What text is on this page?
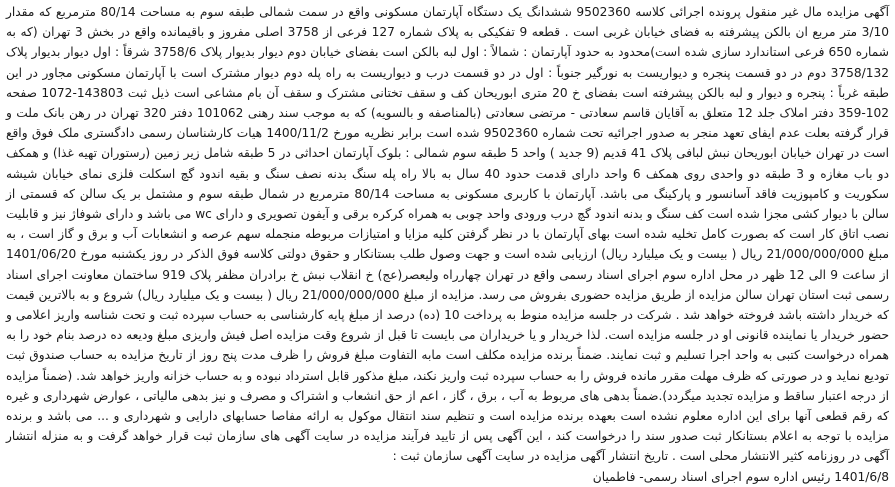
آگهی مزایده مال غیر منقول پرونده اجرائی کلاسه 9502360 ششدانگ یک دستگاه آپارتمان مسکونی واقع در سمت شمالی طبقه سوم به مساحت 80/14 مترمربع که مقدار 3/10 متر مربع ان بالکن پیشرفته به فضای خیابان غربی است . قطعه 9 تفکیکی به پلاک شماره 127 فرعی از 3758 اصلی مفروز و باقیمانده واقع در بخش 3 تهران (که به شماره 650 فرعی استاندارد سازی شده است)محدود به حدود آپارتمان : شمالاً : اول لبه بالکن است بفضای خیابان دوم دیوار بدیوار پلاک 3758/6 شرقاً : اول دیوار بدیوار پلاک 3758/132 دوم در دو قسمت پنجره و دیواریست به نورگیر جنوباً : اول در دو قسمت درب و دیواریست به راه پله دوم دیوار مشترک است با آپارتمان مسکونی مجاور در این طبقه غرباً : پنجره و دیوار و لبه بالکن پیشرفته است بفضای خ 20 متری ابوریحان کف و سقف تختانی مشترک و سقف آن بام مشاعی است ذیل ثبت 143803-1072 صفحه 102-359 دفتر املاک جلد 12 متعلق به آقایان قاسم سعادتی - مرتضی سعادتی (بالمناصفه و بالسویه) که به موجب سند رهنی 101062 دفتر 320 تهران در رهن بانک ملت و قرار گرفته بعلت عدم ایفای تعهد منجر به صدور اجرائیه تحت شماره 9502360 شده است برابر نظریه مورخ 1400/11/2 هیات کارشناسان رسمی دادگستری ملک فوق واقع است در تهران خیابان ابوریحان نبش لبافی پلاک 41 قدیم (9 جدید ) واحد 5 طبقه سوم شمالی : بلوک آپارتمان احداثی در 5 طبقه شامل زیر زمین (رستوران تهیه غذا) و همکف دو باب مغازه و 3 طبقه دو واحدی روی همکف 6 واحد دارای قدمت حدود 40 سال به بالا راه پله سنگ بدنه نصف سنگ و بقیه اندود گچ اسکلت فلزی نمای خیابان شیشه سکوریت و کامپوزیت فاقد آسانسور و پارکینگ می باشد. آپارتمان با کاربری مسکونی به مساحت 80/14 مترمربع در شمال طبقه سوم و مشتمل بر یک سالن که قسمتی از سالن با دیوار کشی مجزا شده است کف سنگ و بدنه اندود گچ درب ورودی واحد چوبی به همراه کرکره برقی و آیفون تصویری و دارای wc می باشد و دارای شوفاژ نیز و قابلیت نصب اتاق کار است که بصورت کامل تخلیه شده است بهای آپارتمان با در نظر گرفتن کلیه مزایا و امتیازات مربوطه منجمله سهم عرصه و انشعابات آب و برق و گاز است ، به مبلغ 21/000/000/000 ریال ( بیست و یک میلیارد ریال) ارزیابی شده است و جهت وصول طلب بستانکار و حقوق دولتی کلاسه فوق الذکر در روز یکشنبه مورخ 1401/06/20 از ساعت 9 الی 12 ظهر در محل اداره سوم اجرای اسناد رسمی واقع در تهران چهارراه ولیعصر(عج) خ انقلاب نبش خ برادران مظفر پلاک 919 ساختمان معاونت اجرای اسناد رسمی ثبت استان تهران سالن مزایده از طریق مزایده حضوری بفروش می رسد. مزایده از مبلغ 21/000/000/000 ریال ( بیست و یک میلیارد ریال) شروع و به بالاترین قیمت که خریدار داشته باشد فروخته خواهد شد . شرکت در جلسه مزایده منوط به پرداخت 10 (ده) درصد از مبلغ پایه کارشناسی به حساب سپرده ثبت و تحت شناسه واریز اعلامی و حضور خریدار یا نماینده قانونی او در جلسه مزایده است. لذا خریدار و یا خریداران می بایست تا قبل از شروع وقت مزایده اصل فیش واریزی مبلغ ودیعه ده درصد بنام خود را به همراه درخواست کتبی به واحد اجرا تسلیم و ثبت نمایند. ضمناً برنده مزایده مکلف است مابه التفاوت مبلغ فروش را ظرف مدت پنج روز از تاریخ مزایده به حساب صندوق ثبت تودیع نماید و در صورتی که ظرف مهلت مقرر مانده فروش را به حساب سپرده ثبت واریز نکند، مبلغ مذکور قابل استرداد نبوده و به حساب خزانه واریز خواهد شد. (ضمناً مزایده از درجه اعتبار ساقط و مزایده تجدید میگردد).ضمناً بدهی های مربوط به آب ، برق ، گاز ، اعم از حق انشعاب و اشتراک و مصرف و نیز بدهی مالیاتی ، عوارض شهرداری و غیره که رقم قطعی آنها برای این اداره معلوم نشده است بعهده برنده مزایده است و تنظیم سند انتقال موکول به ارائه مفاصا حسابهای دارایی و شهرداری و ... می باشد و برنده مزایده با توجه به اعلام بستانکار ثبت صدور سند را درخواست کند ، این آگهی پس از تایید فرآیند مزایده در سایت آگهی های سازمان ثبت قرار خواهد گرفت و به منزله انتشار آگهی در روزنامه کثیر الانتشار محلی است . تاریخ انتشار آگهی مزایده در سایت آگهی سازمان ثبت :

1401/6/8 رئیس اداره سوم اجرای اسناد رسمی- فاطمیان
